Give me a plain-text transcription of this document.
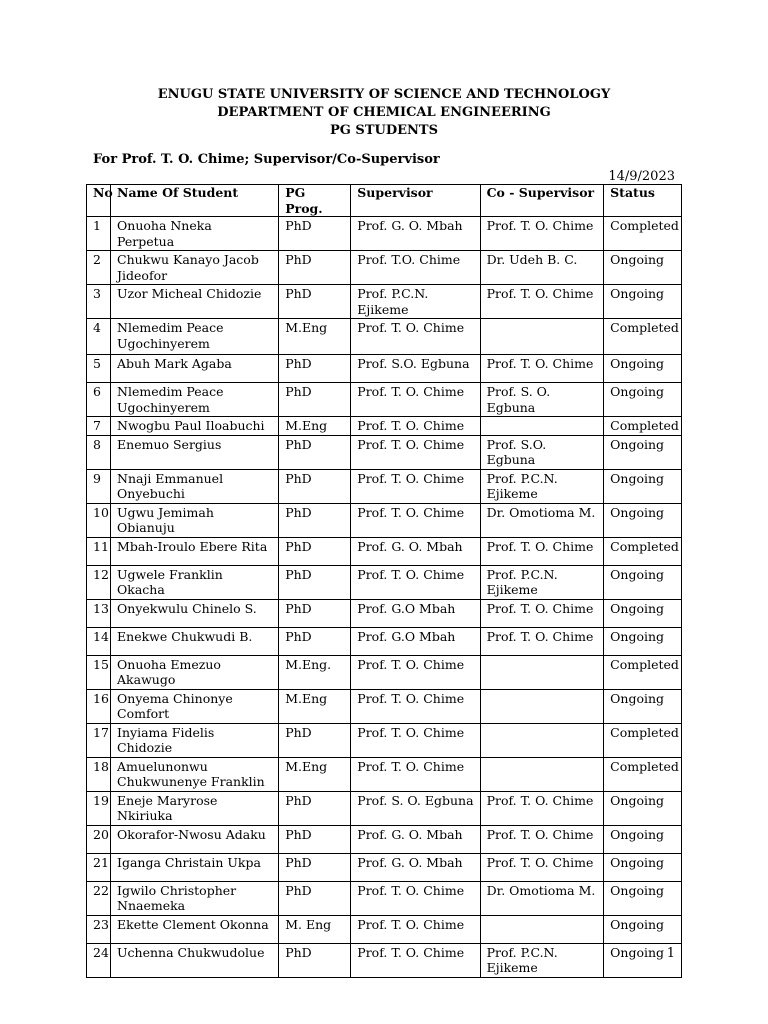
ENUGU STATE UNIVERSITY OF SCIENCE AND TECHNOLOGY
DEPARTMENT OF CHEMICAL ENGINEERING
PG STUDENTS
For Prof. T. O. Chime; Supervisor/Co-Supervisor
14/9/2023
No	Name Of Student	PG Prog.	Supervisor	Co - Supervisor	Status
1	Onuoha Nneka Perpetua	PhD	Prof. G. O. Mbah	Prof. T. O. Chime	Completed
2	Chukwu Kanayo Jacob Jideofor	PhD	Prof. T.O. Chime	Dr. Udeh B. C.	Ongoing
3	Uzor Micheal Chidozie	PhD	Prof. P.C.N. Ejikeme	Prof. T. O. Chime	Ongoing
4	Nlemedim Peace Ugochinyerem	M.Eng	Prof. T. O. Chime		Completed
5	Abuh Mark Agaba	PhD	Prof. S.O. Egbuna	Prof. T. O. Chime	Ongoing
6	Nlemedim Peace Ugochinyerem	PhD	Prof. T. O. Chime	Prof. S. O. Egbuna	Ongoing
7	Nwogbu Paul Iloabuchi	M.Eng	Prof. T. O. Chime		Completed
8	Enemuo Sergius	PhD	Prof. T. O. Chime	Prof. S.O. Egbuna	Ongoing
9	Nnaji Emmanuel Onyebuchi	PhD	Prof. T. O. Chime	Prof. P.C.N. Ejikeme	Ongoing
10	Ugwu Jemimah Obianuju	PhD	Prof. T. O. Chime	Dr. Omotioma M.	Ongoing
11	Mbah-Iroulo Ebere Rita	PhD	Prof. G. O. Mbah	Prof. T. O. Chime	Completed
12	Ugwele Franklin Okacha	PhD	Prof. T. O. Chime	Prof. P.C.N. Ejikeme	Ongoing
13	Onyekwulu Chinelo S.	PhD	Prof. G.O Mbah	Prof. T. O. Chime	Ongoing
14	Enekwe Chukwudi B.	PhD	Prof. G.O Mbah	Prof. T. O. Chime	Ongoing
15	Onuoha Emezuo Akawugo	M.Eng.	Prof. T. O. Chime		Completed
16	Onyema Chinonye Comfort	M.Eng	Prof. T. O. Chime		Ongoing
17	Inyiama Fidelis Chidozie	PhD	Prof. T. O. Chime		Completed
18	Amuelunonwu Chukwunenye Franklin	M.Eng	Prof. T. O. Chime		Completed
19	Eneje Maryrose Nkiriuka	PhD	Prof. S. O. Egbuna	Prof. T. O. Chime	Ongoing
20	Okorafor-Nwosu Adaku	PhD	Prof. G. O. Mbah	Prof. T. O. Chime	Ongoing
21	Iganga Christain Ukpa	PhD	Prof. G. O. Mbah	Prof. T. O. Chime	Ongoing
22	Igwilo Christopher Nnaemeka	PhD	Prof. T. O. Chime	Dr. Omotioma M.	Ongoing
23	Ekette Clement Okonna	M. Eng	Prof. T. O. Chime		Ongoing
24	Uchenna Chukwudolue	PhD	Prof. T. O. Chime	Prof. P.C.N. Ejikeme	Ongoing 1
